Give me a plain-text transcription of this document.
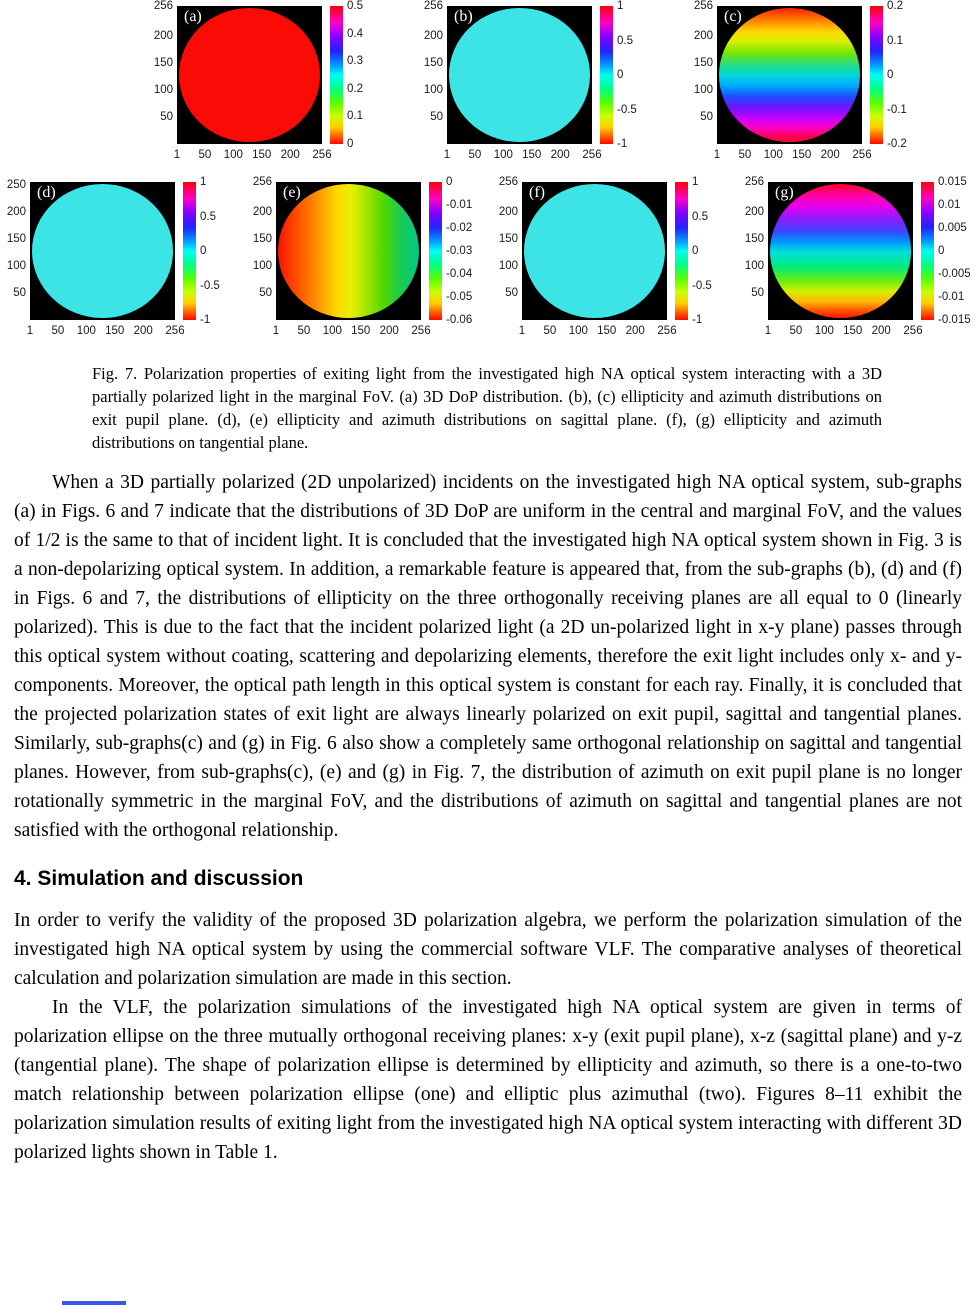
256
200
150
100
50
(a)
0.5
0.4
0.3
0.2
0.1
0
1 50 100 150 200 256
256
200
150
100
50
(b)
1
0.5
0
-0.5
-1
1 50 100 150 200 256
256
200
150
100
50
(c)
0.2
0.1
0
-0.1
-0.2
1 50 100 150 200 256
250
200
150
100
50
(d)
1
0.5
0
-0.5
-1
1 50 100 150 200 256
256
200
150
100
50
(e)
0
-0.01
-0.02
-0.03
-0.04
-0.05
-0.06
1 50 100 150 200 256
256
200
150
100
50
(f)
1
0.5
0
-0.5
-1
1 50 100 150 200 256
256
200
150
100
50
(g)
0.015
0.01
0.005
0
-0.005
-0.01
-0.015
1 50 100 150 200 256

Fig. 7. Polarization properties of exiting light from the investigated high NA optical system interacting with a 3D partially polarized light in the marginal FoV. (a) 3D DoP distribution. (b), (c) ellipticity and azimuth distributions on exit pupil plane. (d), (e) ellipticity and azimuth distributions on sagittal plane. (f), (g) ellipticity and azimuth distributions on tangential plane.

When a 3D partially polarized (2D unpolarized) incidents on the investigated high NA optical system, sub-graphs (a) in Figs. 6 and 7 indicate that the distributions of 3D DoP are uniform in the central and marginal FoV, and the values of 1/2 is the same to that of incident light. It is concluded that the investigated high NA optical system shown in Fig. 3 is a non-depolarizing optical system. In addition, a remarkable feature is appeared that, from the sub-graphs (b), (d) and (f) in Figs. 6 and 7, the distributions of ellipticity on the three orthogonally receiving planes are all equal to 0 (linearly polarized). This is due to the fact that the incident polarized light (a 2D un-polarized light in x-y plane) passes through this optical system without coating, scattering and depolarizing elements, therefore the exit light includes only x- and y-components. Moreover, the optical path length in this optical system is constant for each ray. Finally, it is concluded that the projected polarization states of exit light are always linearly polarized on exit pupil, sagittal and tangential planes. Similarly, sub-graphs(c) and (g) in Fig. 6 also show a completely same orthogonal relationship on sagittal and tangential planes. However, from sub-graphs(c), (e) and (g) in Fig. 7, the distribution of azimuth on exit pupil plane is no longer rotationally symmetric in the marginal FoV, and the distributions of azimuth on sagittal and tangential planes are not satisfied with the orthogonal relationship.

4. Simulation and discussion

In order to verify the validity of the proposed 3D polarization algebra, we perform the polarization simulation of the investigated high NA optical system by using the commercial software VLF. The comparative analyses of theoretical calculation and polarization simulation are made in this section.

In the VLF, the polarization simulations of the investigated high NA optical system are given in terms of polarization ellipse on the three mutually orthogonal receiving planes: x-y (exit pupil plane), x-z (sagittal plane) and y-z (tangential plane). The shape of polarization ellipse is determined by ellipticity and azimuth, so there is a one-to-two match relationship between polarization ellipse (one) and elliptic plus azimuthal (two). Figures 8–11 exhibit the polarization simulation results of exiting light from the investigated high NA optical system interacting with different 3D polarized lights shown in Table 1.
